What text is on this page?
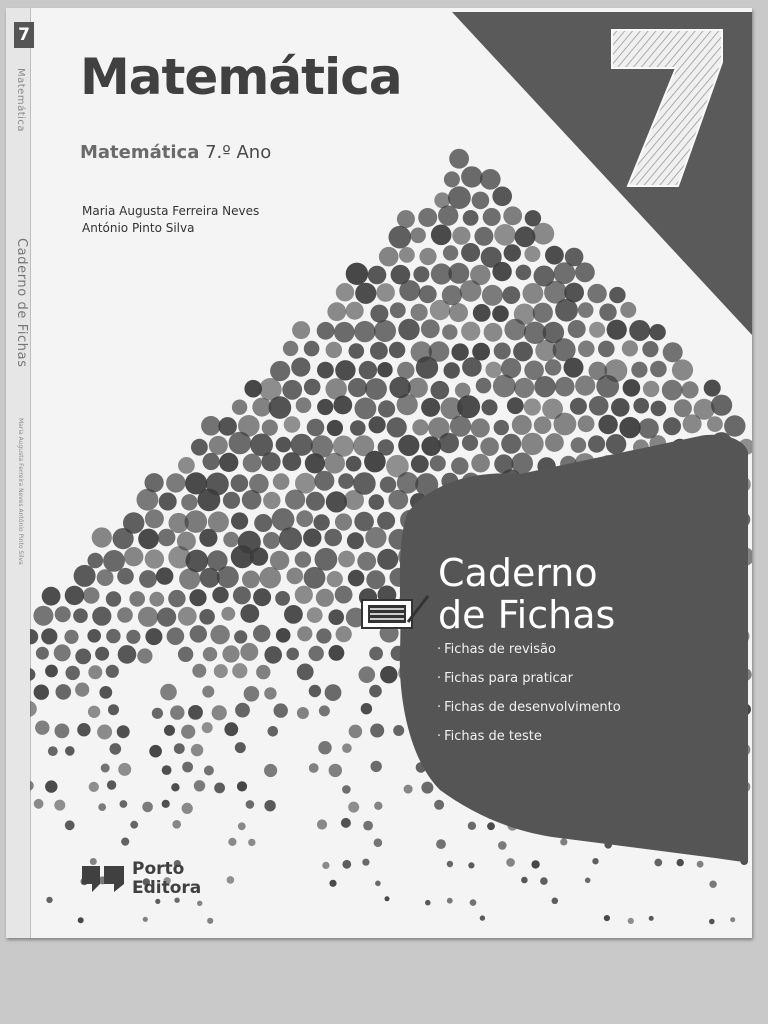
7
Matemática
Caderno de Fichas
Maria Augusta Ferreira Neves António Pinto Silva
Matemática

Matemática 7.º Ano

Maria Augusta Ferreira Neves
António Pinto Silva
Caderno
de Fichas
· Fichas de revisão
· Fichas para praticar
· Fichas de desenvolvimento
· Fichas de teste
Porto
Editora
